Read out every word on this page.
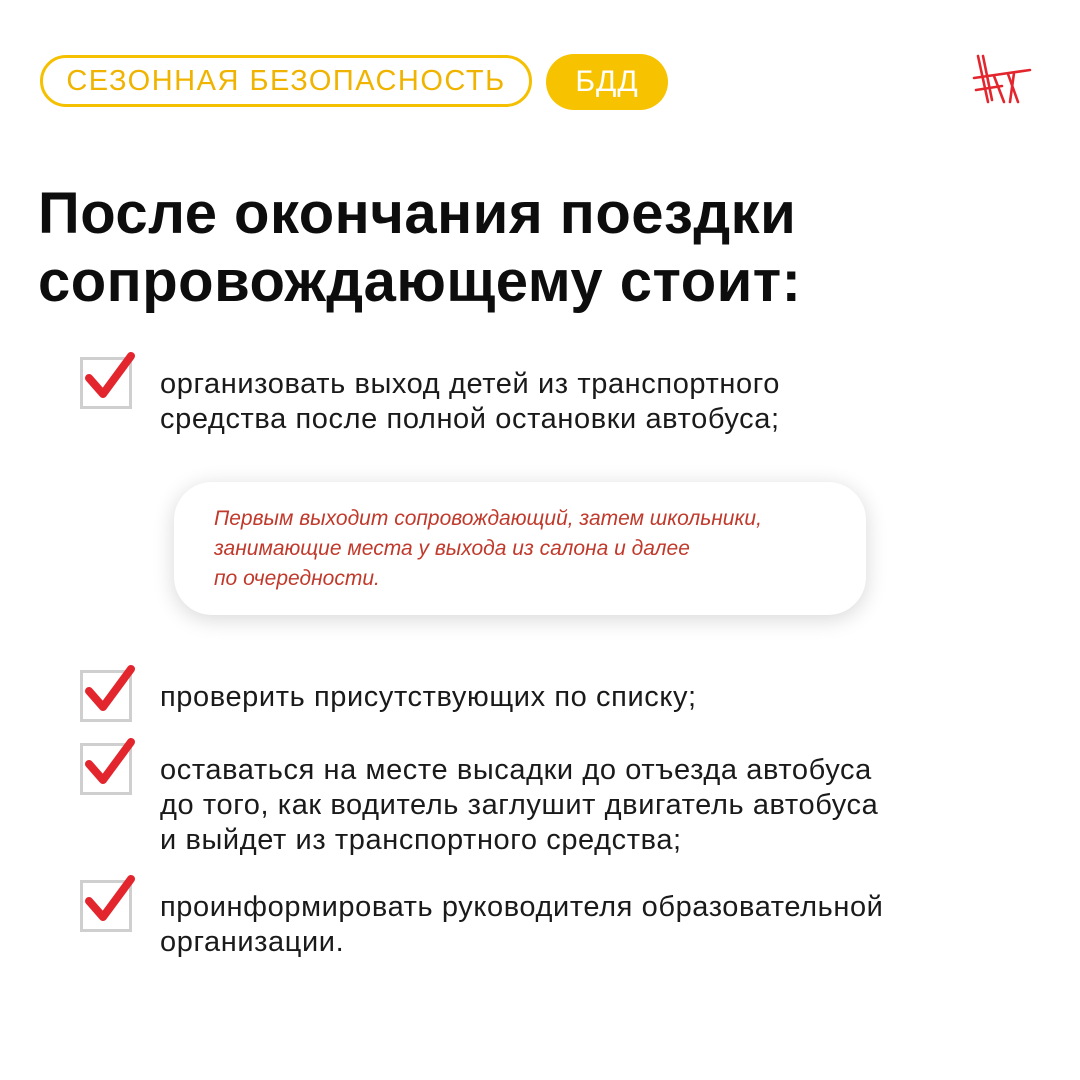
СЕЗОННАЯ БЕЗОПАСНОСТЬ	БДД
После окончания поездки
сопровождающему стоит:
организовать выход детей из транспортного
средства после полной остановки автобуса;
Первым выходит сопровождающий, затем школьники,
занимающие места у выхода из салона и далее
по очередности.
проверить присутствующих по списку;
оставаться на месте высадки до отъезда автобуса
до того, как водитель заглушит двигатель автобуса
и выйдет из транспортного средства;
проинформировать руководителя образовательной
организации.
